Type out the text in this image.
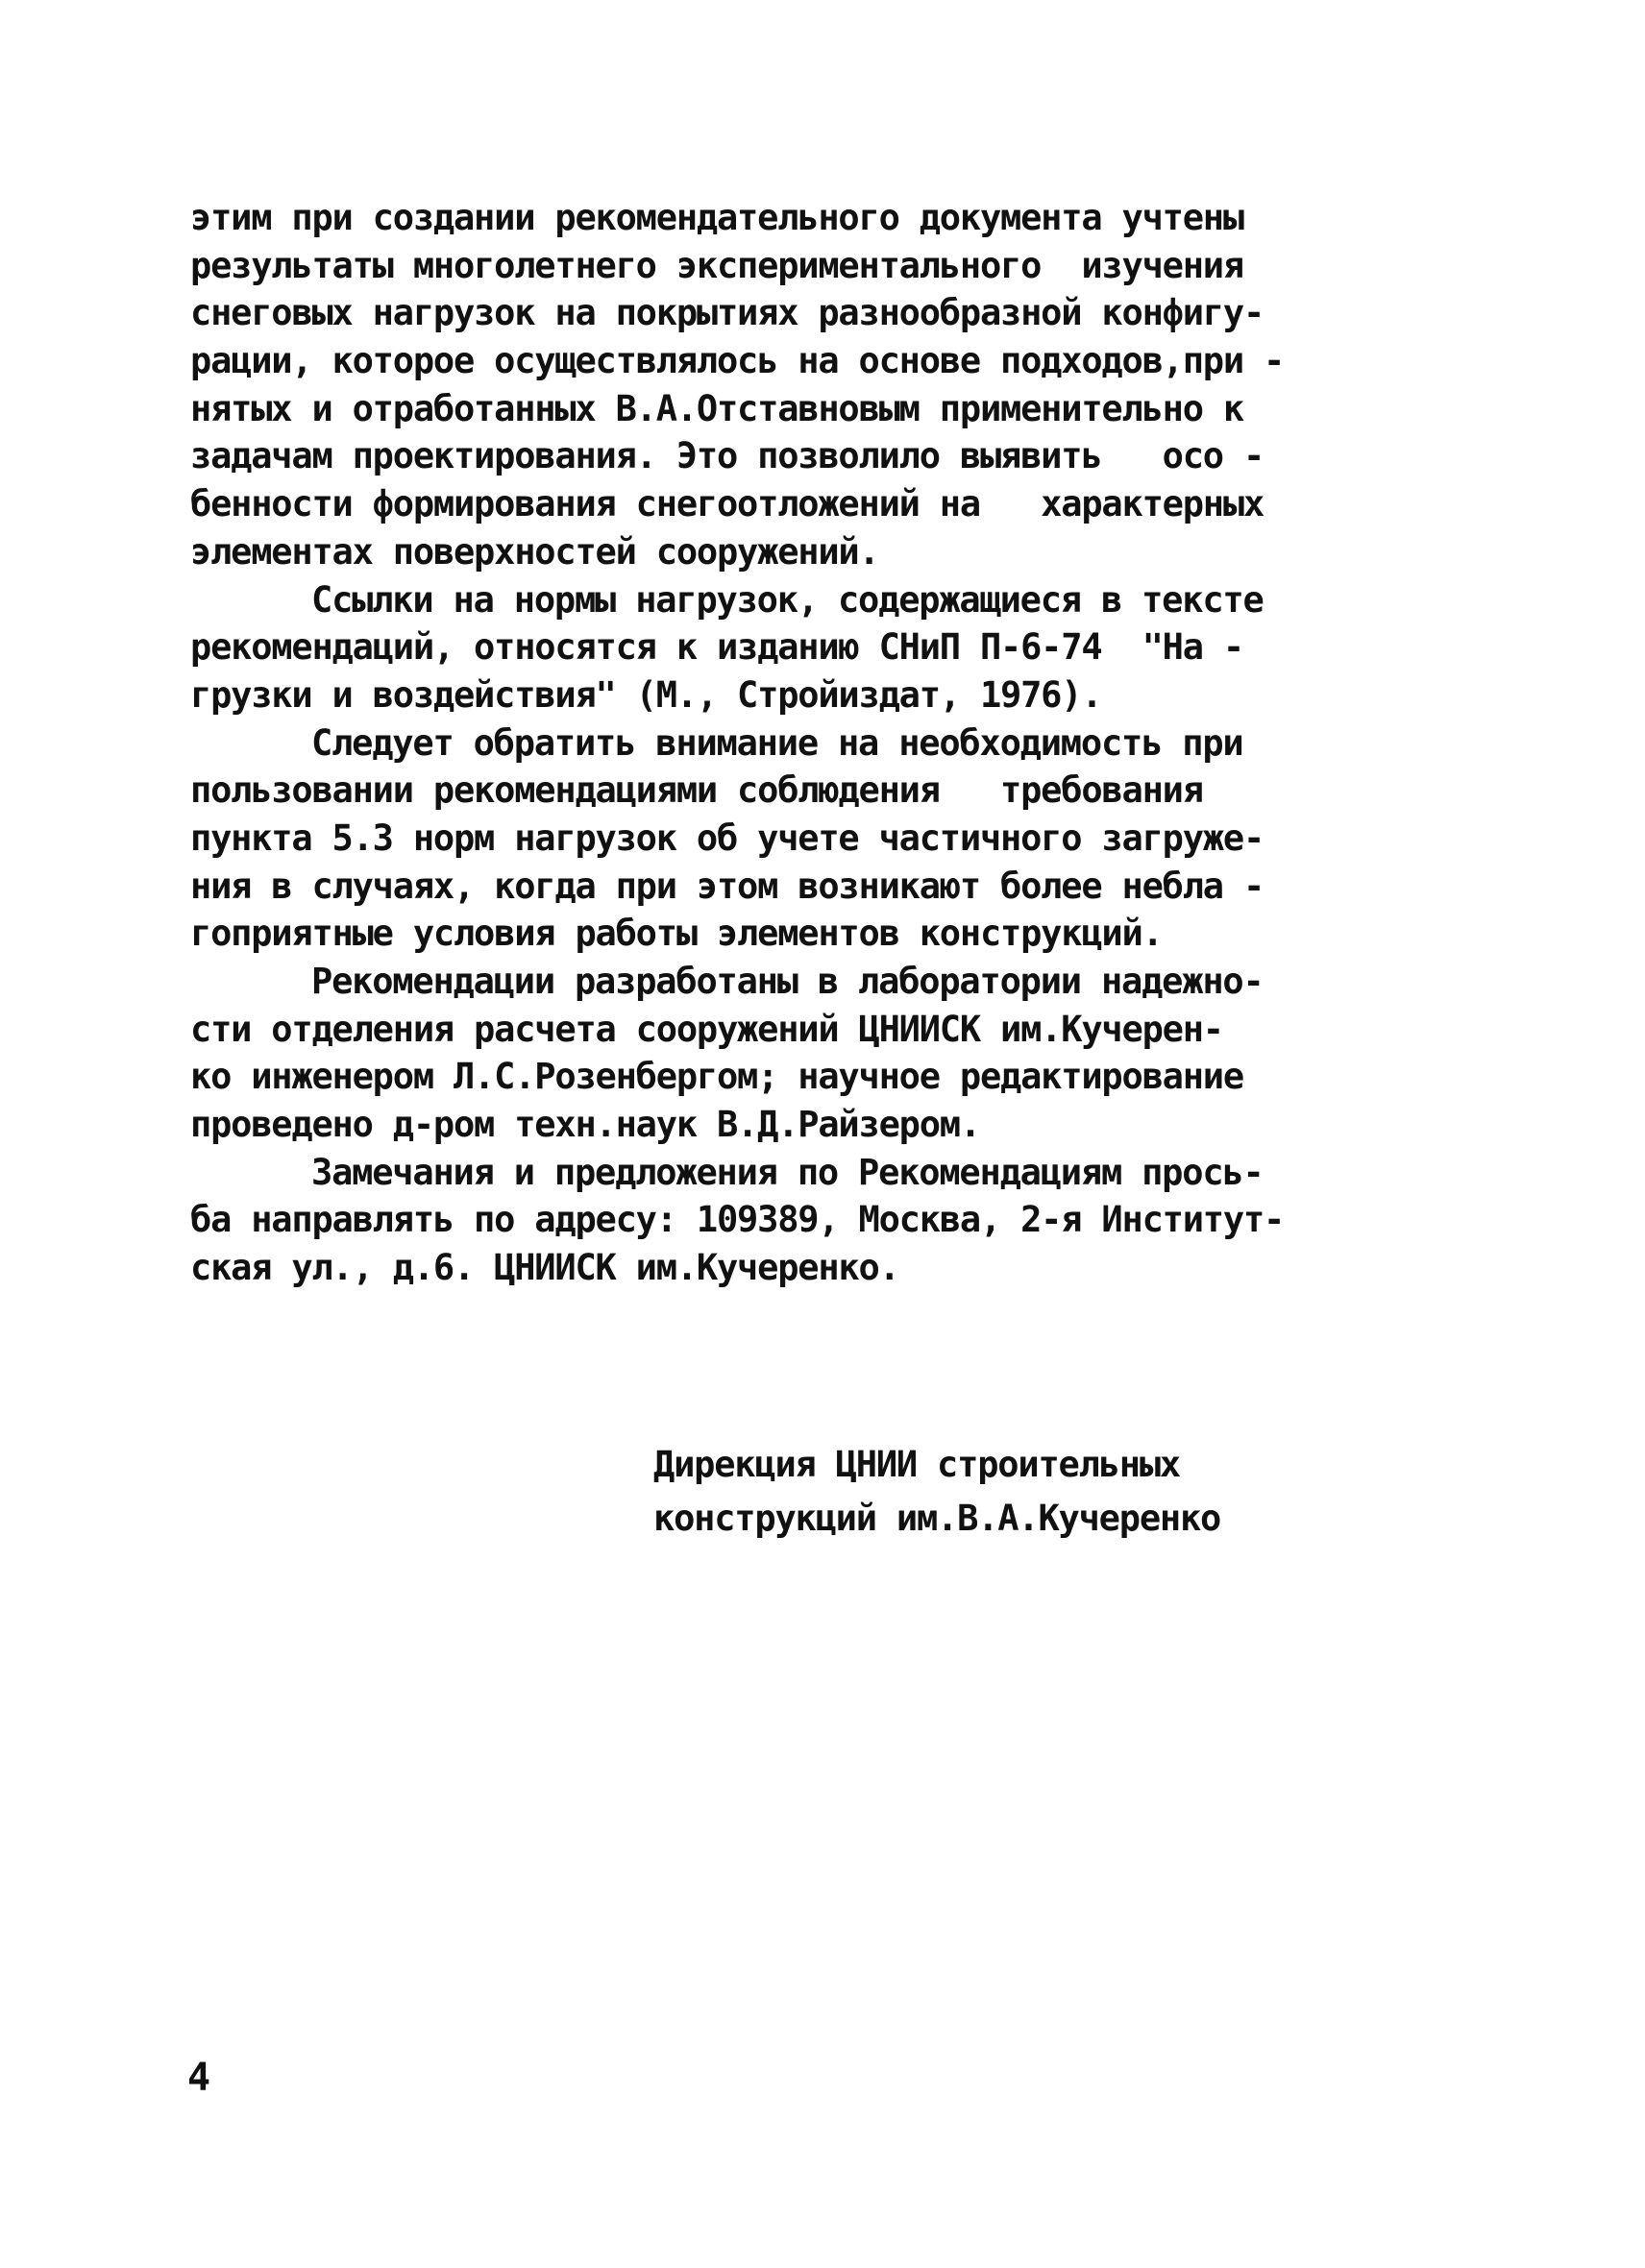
этим при создании рекомендательного документа учтены
результаты многолетнего экспериментального  изучения
снеговых нагрузок на покрытиях разнообразной конфигу-
рации, которое осуществлялось на основе подходов,при -
нятых и отработанных В.А.Отставновым применительно к
задачам проектирования. Это позволило выявить   осо -
бенности формирования снегоотложений на   характерных
элементах поверхностей сооружений.
Ссылки на нормы нагрузок, содержащиеся в тексте
рекомендаций, относятся к изданию СНиП П-6-74  "На -
грузки и воздействия" (М., Стройиздат, 1976).
Следует обратить внимание на необходимость при
пользовании рекомендациями соблюдения   требования
пункта 5.3 норм нагрузок об учете частичного загруже-
ния в случаях, когда при этом возникают более небла -
гоприятные условия работы элементов конструкций.
Рекомендации разработаны в лаборатории надежно-
сти отделения расчета сооружений ЦНИИСК им.Кучерен-
ко инженером Л.С.Розенбергом; научное редактирование
проведено д-ром техн.наук В.Д.Райзером.
Замечания и предложения по Рекомендациям прось-
ба направлять по адресу: 109389, Москва, 2-я Институт-
ская ул., д.6. ЦНИИСК им.Кучеренко.
Дирекция ЦНИИ строительных
конструкций им.В.А.Кучеренко
4
